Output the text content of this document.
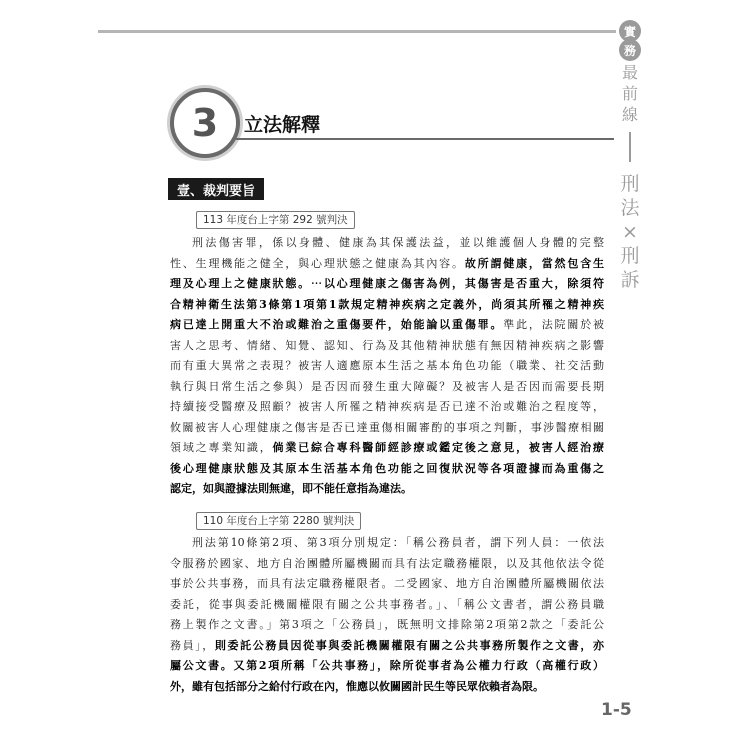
實
務
最
前
線
刑
法
×
刑
訴
3	立法解釋
壹、裁判要旨
113 年度台上字第 292 號判決
刑法傷害罪，係以身體、健康為其保護法益，並以維護個人身體的完整
性、生理機能之健全，與心理狀態之健康為其內容。故所謂健康，當然包含生
理及心理上之健康狀態。⋯以心理健康之傷害為例，其傷害是否重大，除須符
合精神衛生法第3條第1項第1款規定精神疾病之定義外，尚須其所罹之精神疾
病已達上開重大不治或難治之重傷要件，始能論以重傷罪。準此，法院關於被
害人之思考、情緒、知覺、認知、行為及其他精神狀態有無因精神疾病之影響
而有重大異常之表現？被害人適應原本生活之基本角色功能（職業、社交活動
執行與日常生活之參與）是否因而發生重大障礙？及被害人是否因而需要長期
持續接受醫療及照顧？被害人所罹之精神疾病是否已達不治或難治之程度等，
攸關被害人心理健康之傷害是否已達重傷相關審酌的事項之判斷，事涉醫療相關
領域之專業知識，倘業已綜合專科醫師經診療或鑑定後之意見，被害人經治療
後心理健康狀態及其原本生活基本角色功能之回復狀況等各項證據而為重傷之
認定，如與證據法則無違，即不能任意指為違法。
110 年度台上字第 2280 號判決
刑法第10條第2項、第3項分別規定：「稱公務員者，謂下列人員：一依法
令服務於國家、地方自治團體所屬機關而具有法定職務權限，以及其他依法令從
事於公共事務，而具有法定職務權限者。二受國家、地方自治團體所屬機關依法
委託，從事與委託機關權限有關之公共事務者。」、「稱公文書者，謂公務員職
務上製作之文書。」第3項之「公務員」，既無明文排除第2項第2款之「委託公
務員」，則委託公務員因從事與委託機關權限有關之公共事務所製作之文書，亦
屬公文書。又第2項所稱「公共事務」，除所從事者為公權力行政（高權行政）
外，雖有包括部分之給付行政在內，惟應以攸關國計民生等民眾依賴者為限。
1-5
